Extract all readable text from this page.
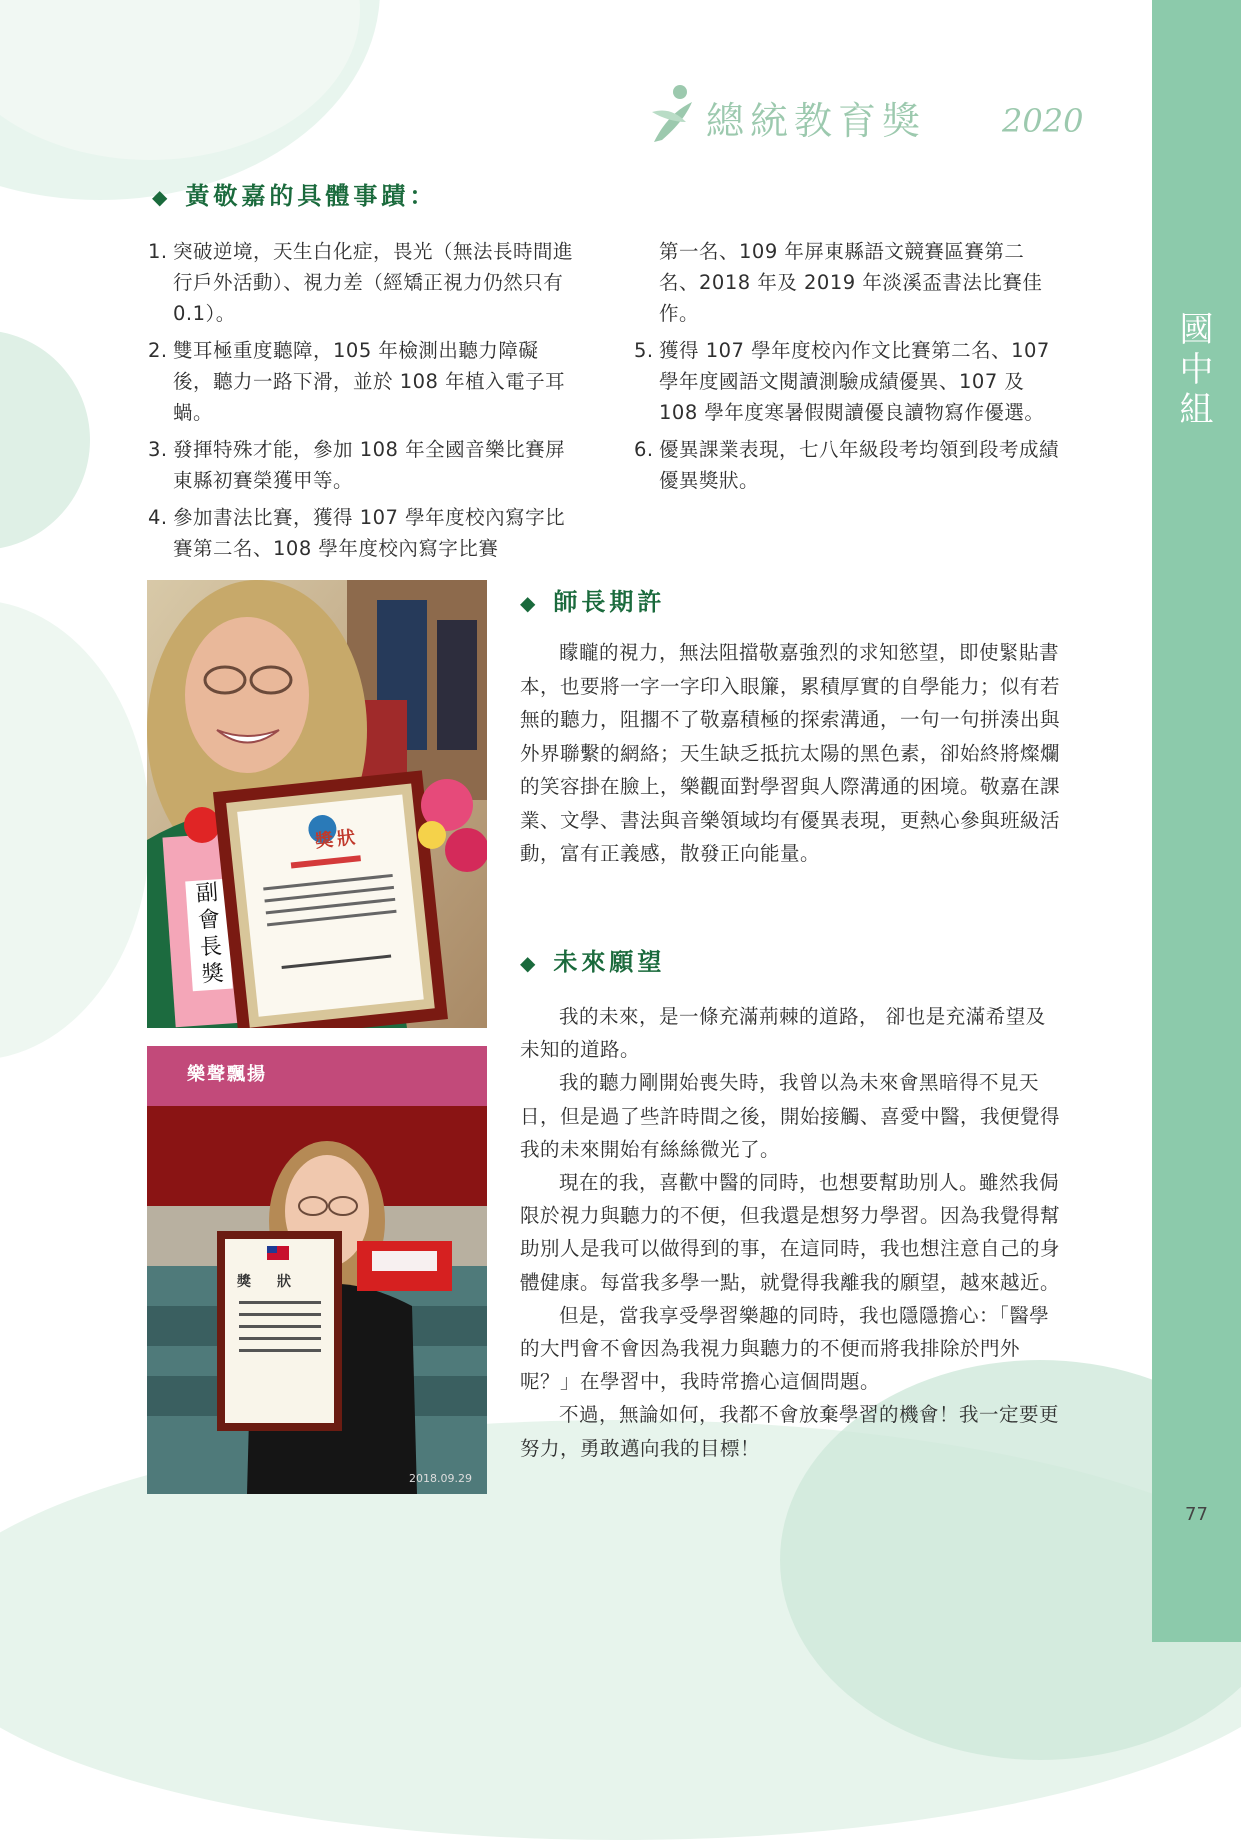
國
中
組
總統教育獎 2020
◆ 黃敬嘉的具體事蹟：
1. 突破逆境，天生白化症，畏光（無法長時間進行戶外活動）、視力差（經矯正視力仍然只有 0.1）。
2. 雙耳極重度聽障，105 年檢測出聽力障礙後，聽力一路下滑，並於 108 年植入電子耳蝸。
3. 發揮特殊才能，參加 108 年全國音樂比賽屏東縣初賽榮獲甲等。
4. 參加書法比賽，獲得 107 學年度校內寫字比賽第二名、108 學年度校內寫字比賽
第一名、109 年屏東縣語文競賽區賽第二名、2018 年及 2019 年淡溪盃書法比賽佳作。
5. 獲得 107 學年度校內作文比賽第二名、107 學年度國語文閱讀測驗成績優異、107 及 108 學年度寒暑假閱讀優良讀物寫作優選。
6. 優異課業表現，七八年級段考均領到段考成績優異獎狀。
副會長獎
獎狀
樂聲飄揚
獎　狀
2018.09.29
◆ 師長期許

矇矓的視力，無法阻擋敬嘉強烈的求知慾望，即使緊貼書本，也要將一字一字印入眼簾，累積厚實的自學能力；似有若無的聽力，阻擱不了敬嘉積極的探索溝通，一句一句拼湊出與外界聯繫的網絡；天生缺乏抵抗太陽的黑色素，卻始終將燦爛的笑容掛在臉上，樂觀面對學習與人際溝通的困境。敬嘉在課業、文學、書法與音樂領域均有優異表現，更熱心參與班級活動，富有正義感，散發正向能量。

◆ 未來願望

我的未來，是一條充滿荊棘的道路， 卻也是充滿希望及未知的道路。

我的聽力剛開始喪失時，我曾以為未來會黑暗得不見天日，但是過了些許時間之後，開始接觸、喜愛中醫，我便覺得我的未來開始有絲絲微光了。

現在的我，喜歡中醫的同時，也想要幫助別人。雖然我侷限於視力與聽力的不便，但我還是想努力學習。因為我覺得幫助別人是我可以做得到的事，在這同時，我也想注意自己的身體健康。每當我多學一點，就覺得我離我的願望，越來越近。

但是，當我享受學習樂趣的同時，我也隱隱擔心：「醫學的大門會不會因為我視力與聽力的不便而將我排除於門外呢？」在學習中，我時常擔心這個問題。

不過，無論如何，我都不會放棄學習的機會！我一定要更努力，勇敢邁向我的目標！

77
